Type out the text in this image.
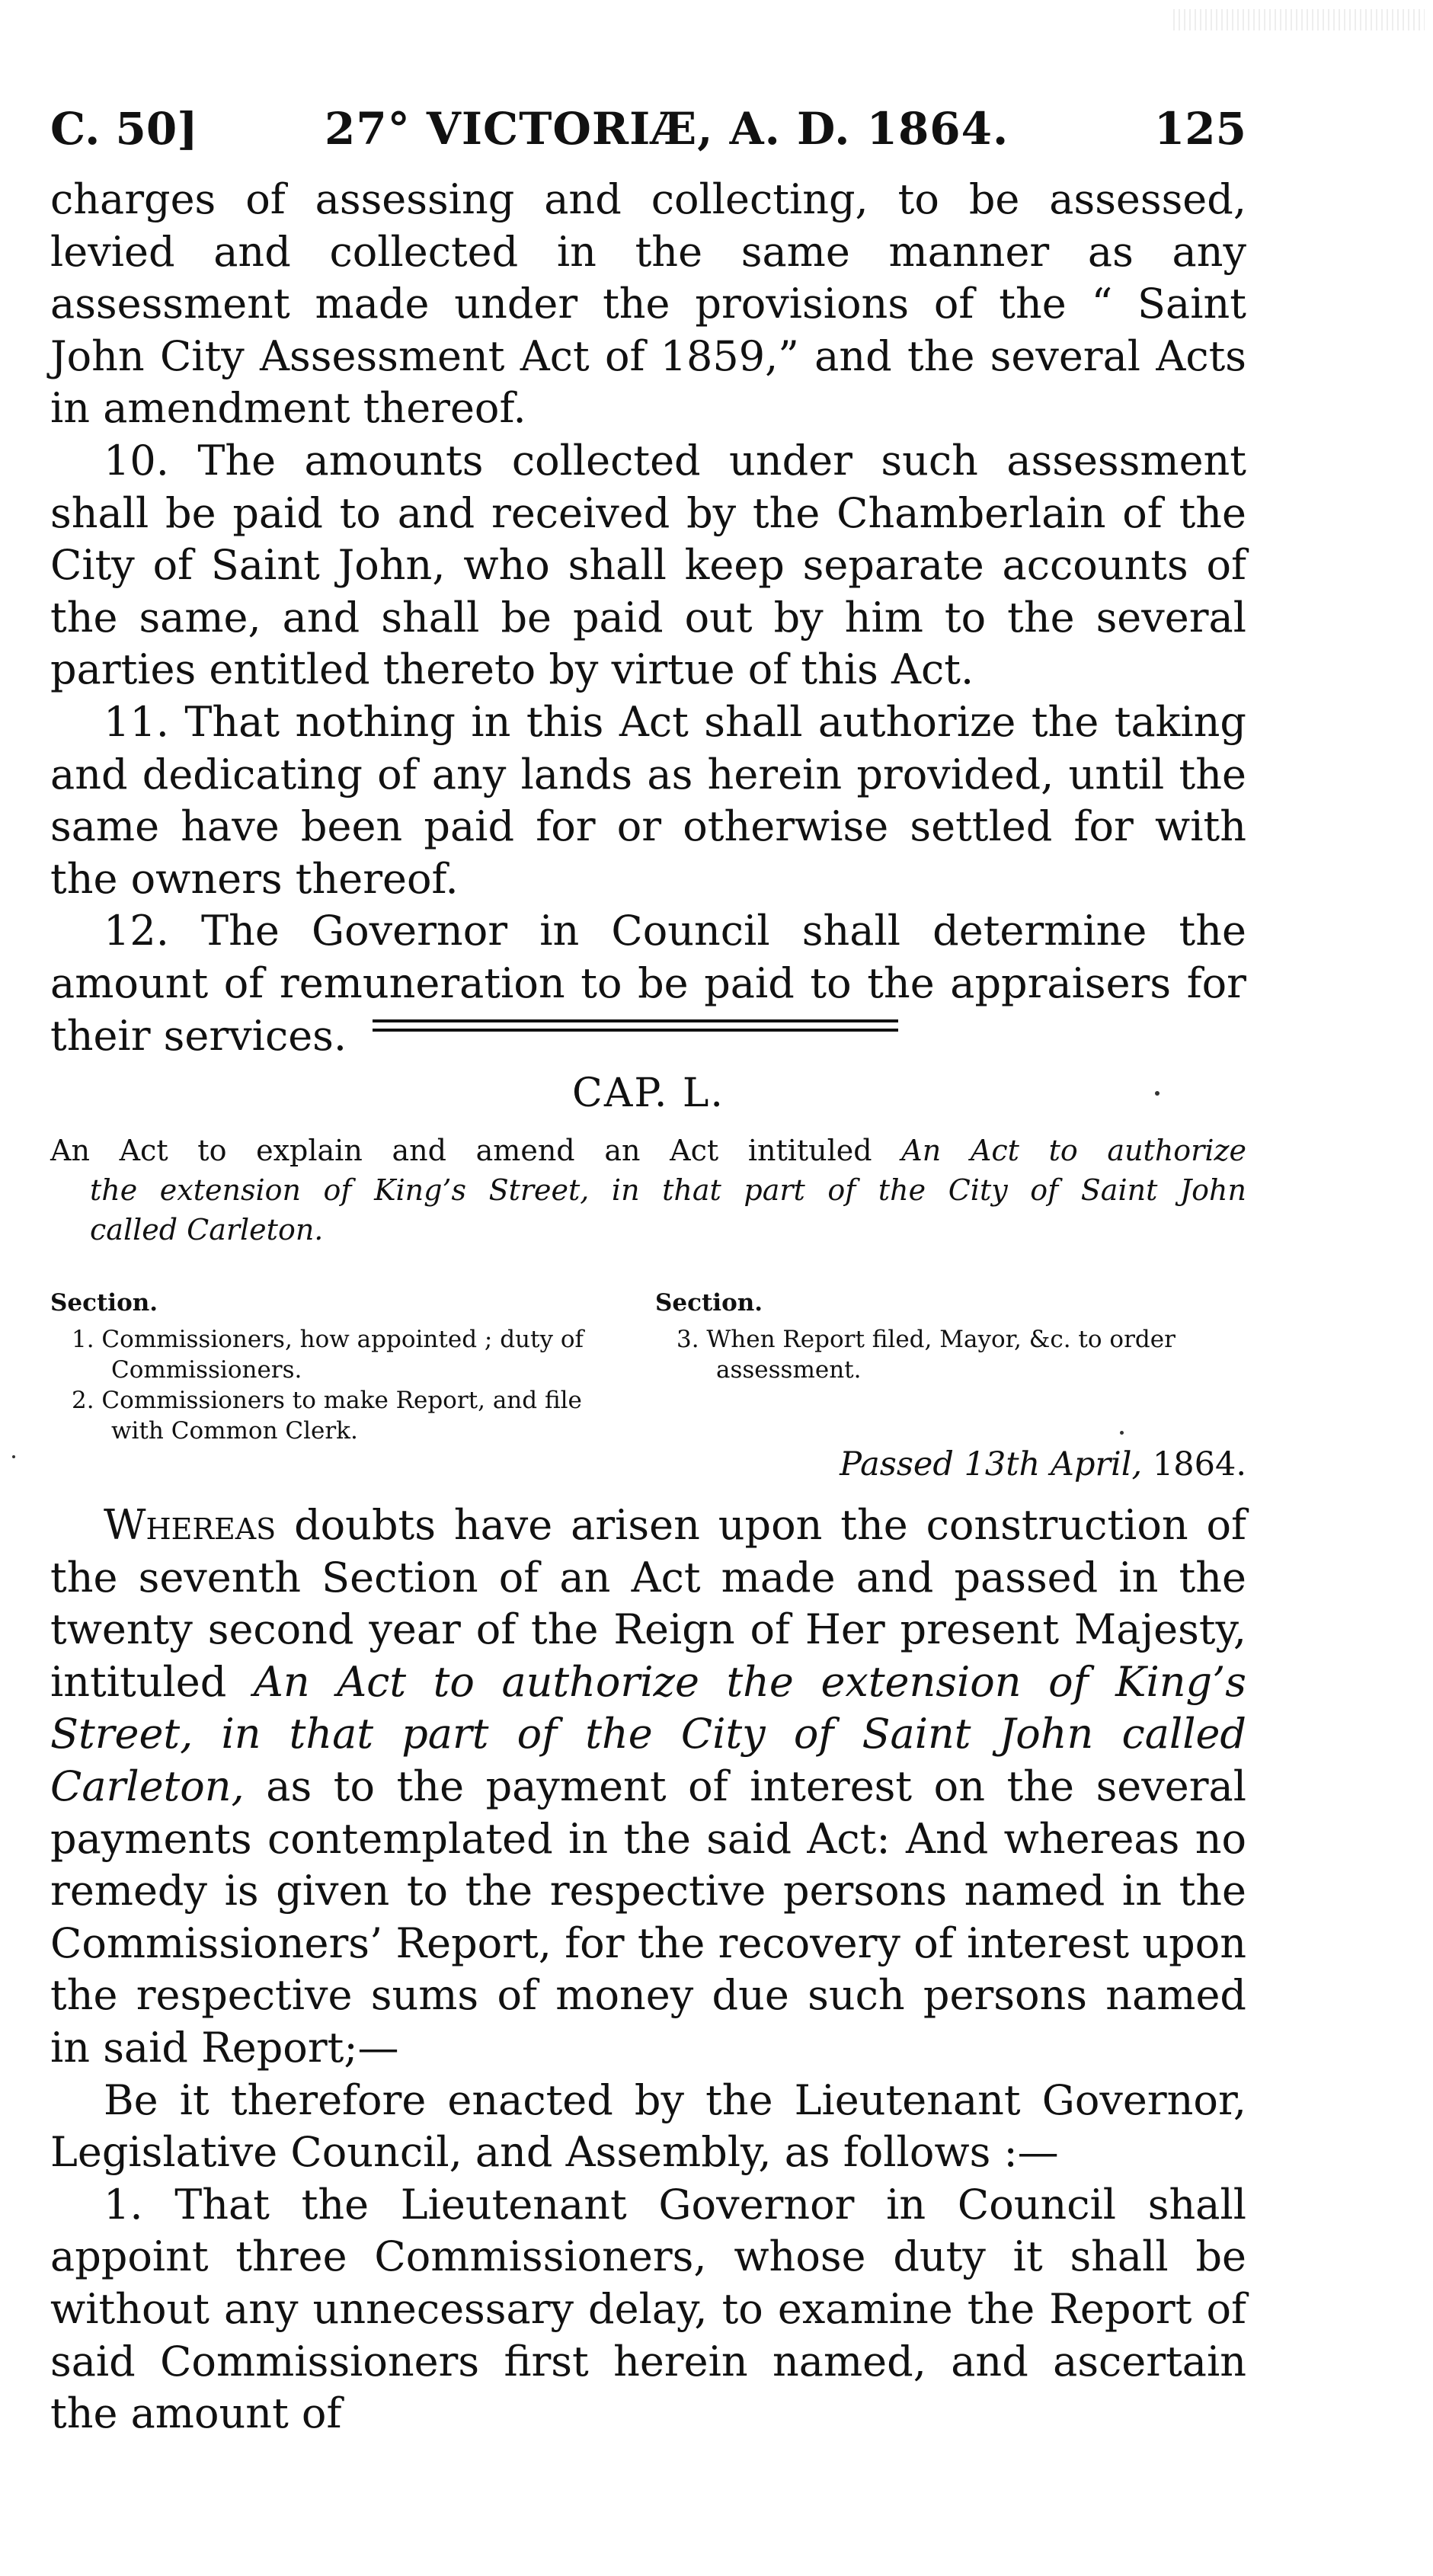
C. 50]	27° VICTORIÆ, A. D. 1864.	125

charges of assessing and collecting, to be assessed, levied and collected in the same manner as any assessment made under the provisions of the “ Saint John City Assessment Act of 1859,” and the several Acts in amendment thereof.

10. The amounts collected under such assessment shall be paid to and received by the Chamberlain of the City of Saint John, who shall keep separate accounts of the same, and shall be paid out by him to the several parties entitled thereto by virtue of this Act.

11. That nothing in this Act shall authorize the taking and dedicating of any lands as herein provided, until the same have been paid for or otherwise settled for with the owners thereof.

12. The Governor in Council shall determine the amount of remuneration to be paid to the appraisers for their services.

CAP. L.
An Act to explain and amend an Act intituled An Act to authorize
the extension of King’s Street, in that part of the City of Saint John
called Carleton.
Section.
1. Commissioners, how appointed ; duty of Commissioners.
2. Commissioners to make Report, and file with Common Clerk.
Section.
3. When Report filed, Mayor, &c. to order assessment.
Passed 13th April, 1864.

Whereas doubts have arisen upon the construction of the seventh Section of an Act made and passed in the twenty second year of the Reign of Her present Majesty, intituled An Act to authorize the extension of King’s Street, in that part of the City of Saint John called Carleton, as to the payment of interest on the several payments contemplated in the said Act: And whereas no remedy is given to the respective persons named in the Commissioners’ Report, for the recovery of interest upon the respective sums of money due such persons named in said Report;—

Be it therefore enacted by the Lieutenant Governor, Legislative Council, and Assembly, as follows :—

1. That the Lieutenant Governor in Council shall appoint three Commissioners, whose duty it shall be without any unnecessary delay, to examine the Report of said Commissioners first herein named, and ascertain the amount of
